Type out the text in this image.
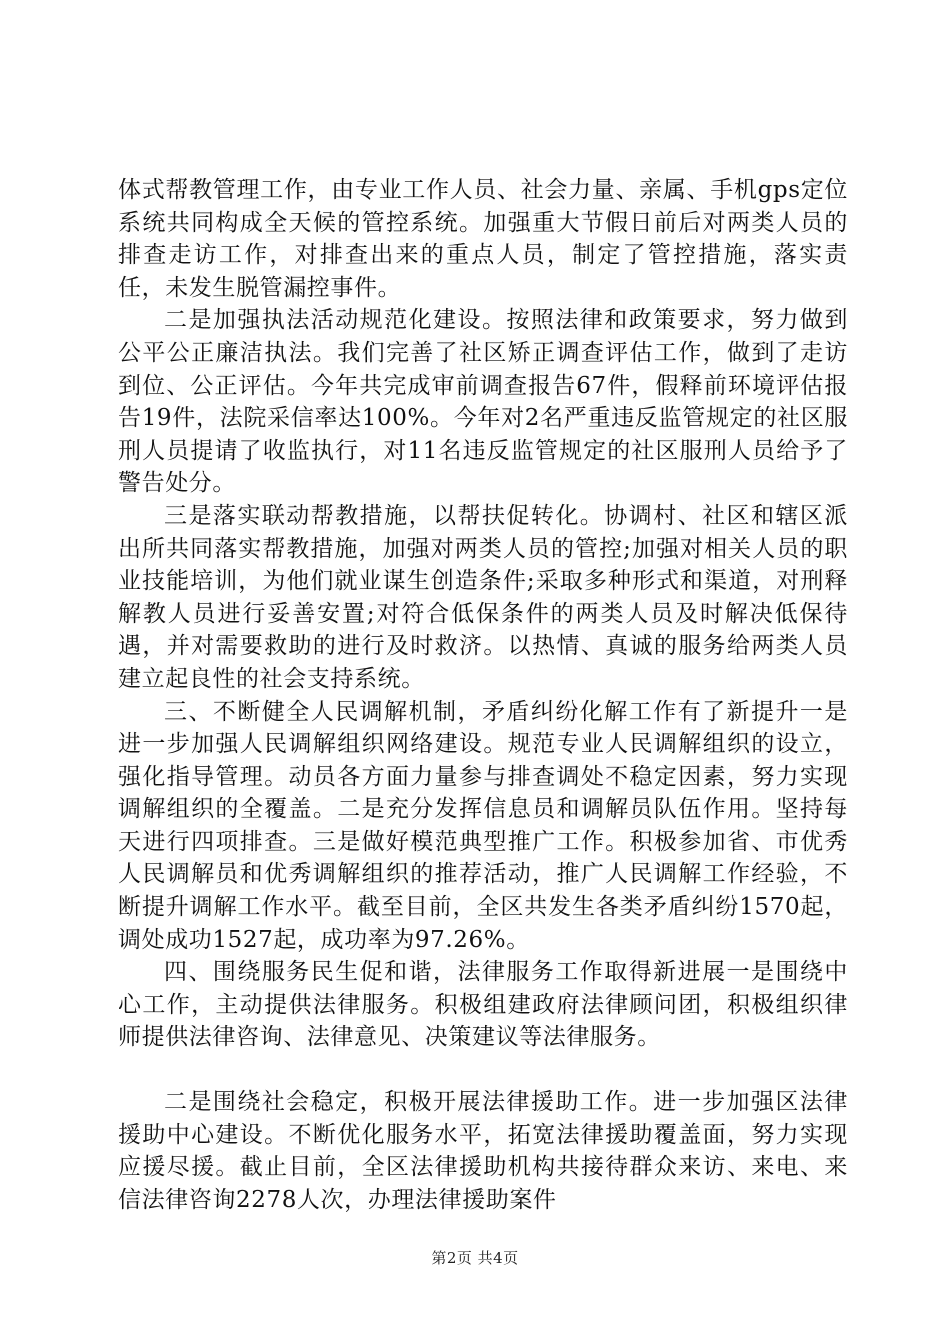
体式帮教管理工作，由专业工作人员、社会力量、亲属、手机gps定位系统共同构成全天候的管控系统。加强重大节假日前后对两类人员的排查走访工作，对排查出来的重点人员，制定了管控措施，落实责任，未发生脱管漏控事件。

二是加强执法活动规范化建设。按照法律和政策要求，努力做到公平公正廉洁执法。我们完善了社区矫正调查评估工作，做到了走访到位、公正评估。今年共完成审前调查报告67件，假释前环境评估报告19件，法院采信率达100%。今年对2名严重违反监管规定的社区服刑人员提请了收监执行，对11名违反监管规定的社区服刑人员给予了警告处分。

三是落实联动帮教措施，以帮扶促转化。协调村、社区和辖区派出所共同落实帮教措施，加强对两类人员的管控;加强对相关人员的职业技能培训，为他们就业谋生创造条件;采取多种形式和渠道，对刑释解教人员进行妥善安置;对符合低保条件的两类人员及时解决低保待遇，并对需要救助的进行及时救济。以热情、真诚的服务给两类人员建立起良性的社会支持系统。

三、不断健全人民调解机制，矛盾纠纷化解工作有了新提升一是进一步加强人民调解组织网络建设。规范专业人民调解组织的设立，强化指导管理。动员各方面力量参与排查调处不稳定因素，努力实现调解组织的全覆盖。二是充分发挥信息员和调解员队伍作用。坚持每天进行四项排查。三是做好模范典型推广工作。积极参加省、市优秀人民调解员和优秀调解组织的推荐活动，推广人民调解工作经验，不断提升调解工作水平。截至目前，全区共发生各类矛盾纠纷1570起，调处成功1527起，成功率为97.26%。

四、围绕服务民生促和谐，法律服务工作取得新进展一是围绕中心工作，主动提供法律服务。积极组建政府法律顾问团，积极组织律师提供法律咨询、法律意见、决策建议等法律服务。

二是围绕社会稳定，积极开展法律援助工作。进一步加强区法律援助中心建设。不断优化服务水平，拓宽法律援助覆盖面，努力实现应援尽援。截止目前，全区法律援助机构共接待群众来访、来电、来信法律咨询2278人次，办理法律援助案件

第2页 共4页
